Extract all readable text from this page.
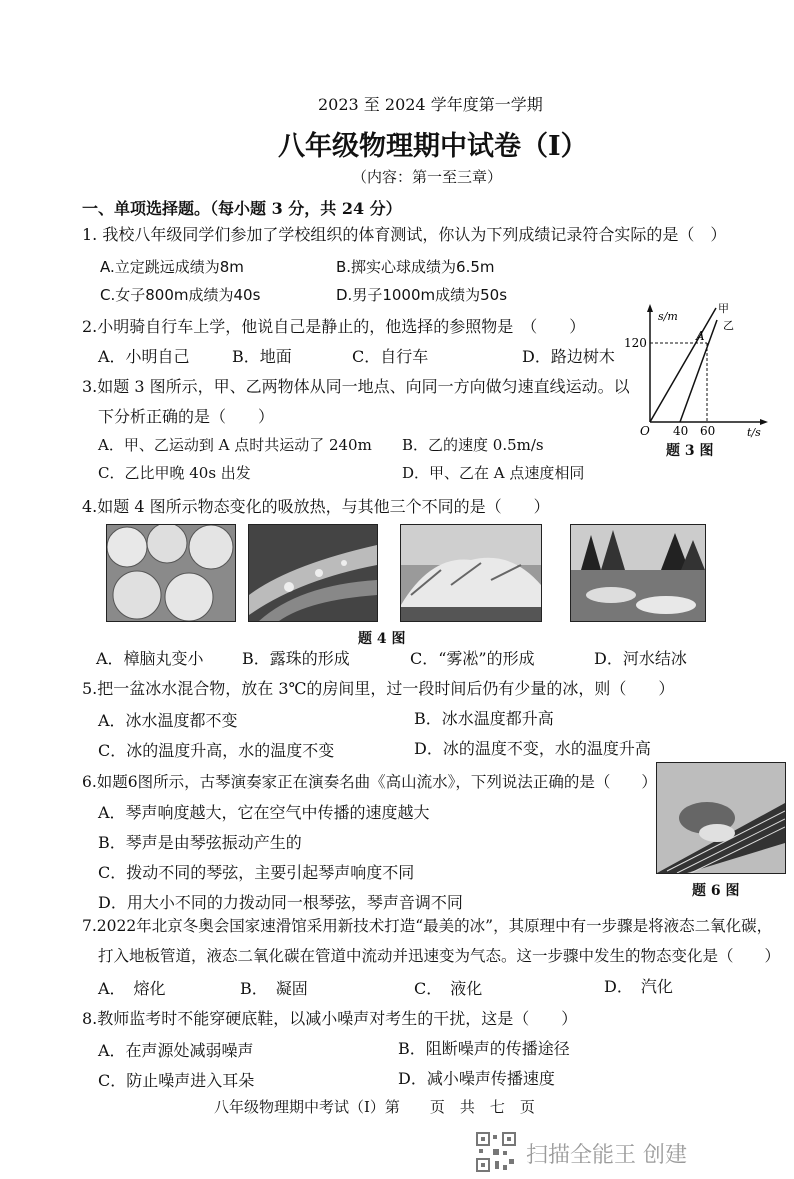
2023 至 2024 学年度第一学期
八年级物理期中试卷（I）
（内容：第一至三章）
一、单项选择题。（每小题 3 分，共 24 分）
1. 我校八年级同学们参加了学校组织的体育测试，你认为下列成绩记录符合实际的是（　）
A.立定跳远成绩为8m	B.掷实心球成绩为6.5m
C.女子800m成绩为40s	D.男子1000m成绩为50s
2.小明骑自行车上学，他说自己是静止的，他选择的参照物是　（　　）
A．小明自己	B．地面	C．自行车	D．路边树木
3.如题 3 图所示，甲、乙两物体从同一地点、向同一方向做匀速直线运动。以
下分析正确的是（　　）
A．甲、乙运动到 A 点时共运动了 240m B．乙的速度 0.5m/s
C．乙比甲晚 40s 出发	D．甲、乙在 A 点速度相同
s/m
t/s
O
120
40 60
A
甲
乙
题 3 图
4.如题 4 图所示物态变化的吸放热，与其他三个不同的是（　　）
题 4 图
A．樟脑丸变小 B．露珠的形成	C．“雾凇”的形成	D．河水结冰
5.把一盆冰水混合物，放在 3℃的房间里，过一段时间后仍有少量的冰，则（　　）
A．冰水温度都不变	B．冰水温度都升高
C．冰的温度升高，水的温度不变	D．冰的温度不变，水的温度升高
6.如题6图所示，古琴演奏家正在演奏名曲《高山流水》，下列说法正确的是（　　）
A．琴声响度越大，它在空气中传播的速度越大
B．琴声是由琴弦振动产生的
C．拨动不同的琴弦，主要引起琴声响度不同
D．用大小不同的力拨动同一根琴弦，琴声音调不同
题 6 图
7.2022年北京冬奥会国家速滑馆采用新技术打造“最美的冰”，其原理中有一步骤是将液态二氧化碳，
打入地板管道，液态二氧化碳在管道中流动并迅速变为气态。这一步骤中发生的物态变化是（　　）
A．　熔化	B．　凝固	C．　液化	D．　汽化
8.教师监考时不能穿硬底鞋，以减小噪声对考生的干扰，这是（　　）
A．在声源处减弱噪声	B．阻断噪声的传播途径
C．防止噪声进入耳朵	D．减小噪声传播速度
八年级物理期中考试（I）第　　页　共　七　页
扫描全能王 创建
